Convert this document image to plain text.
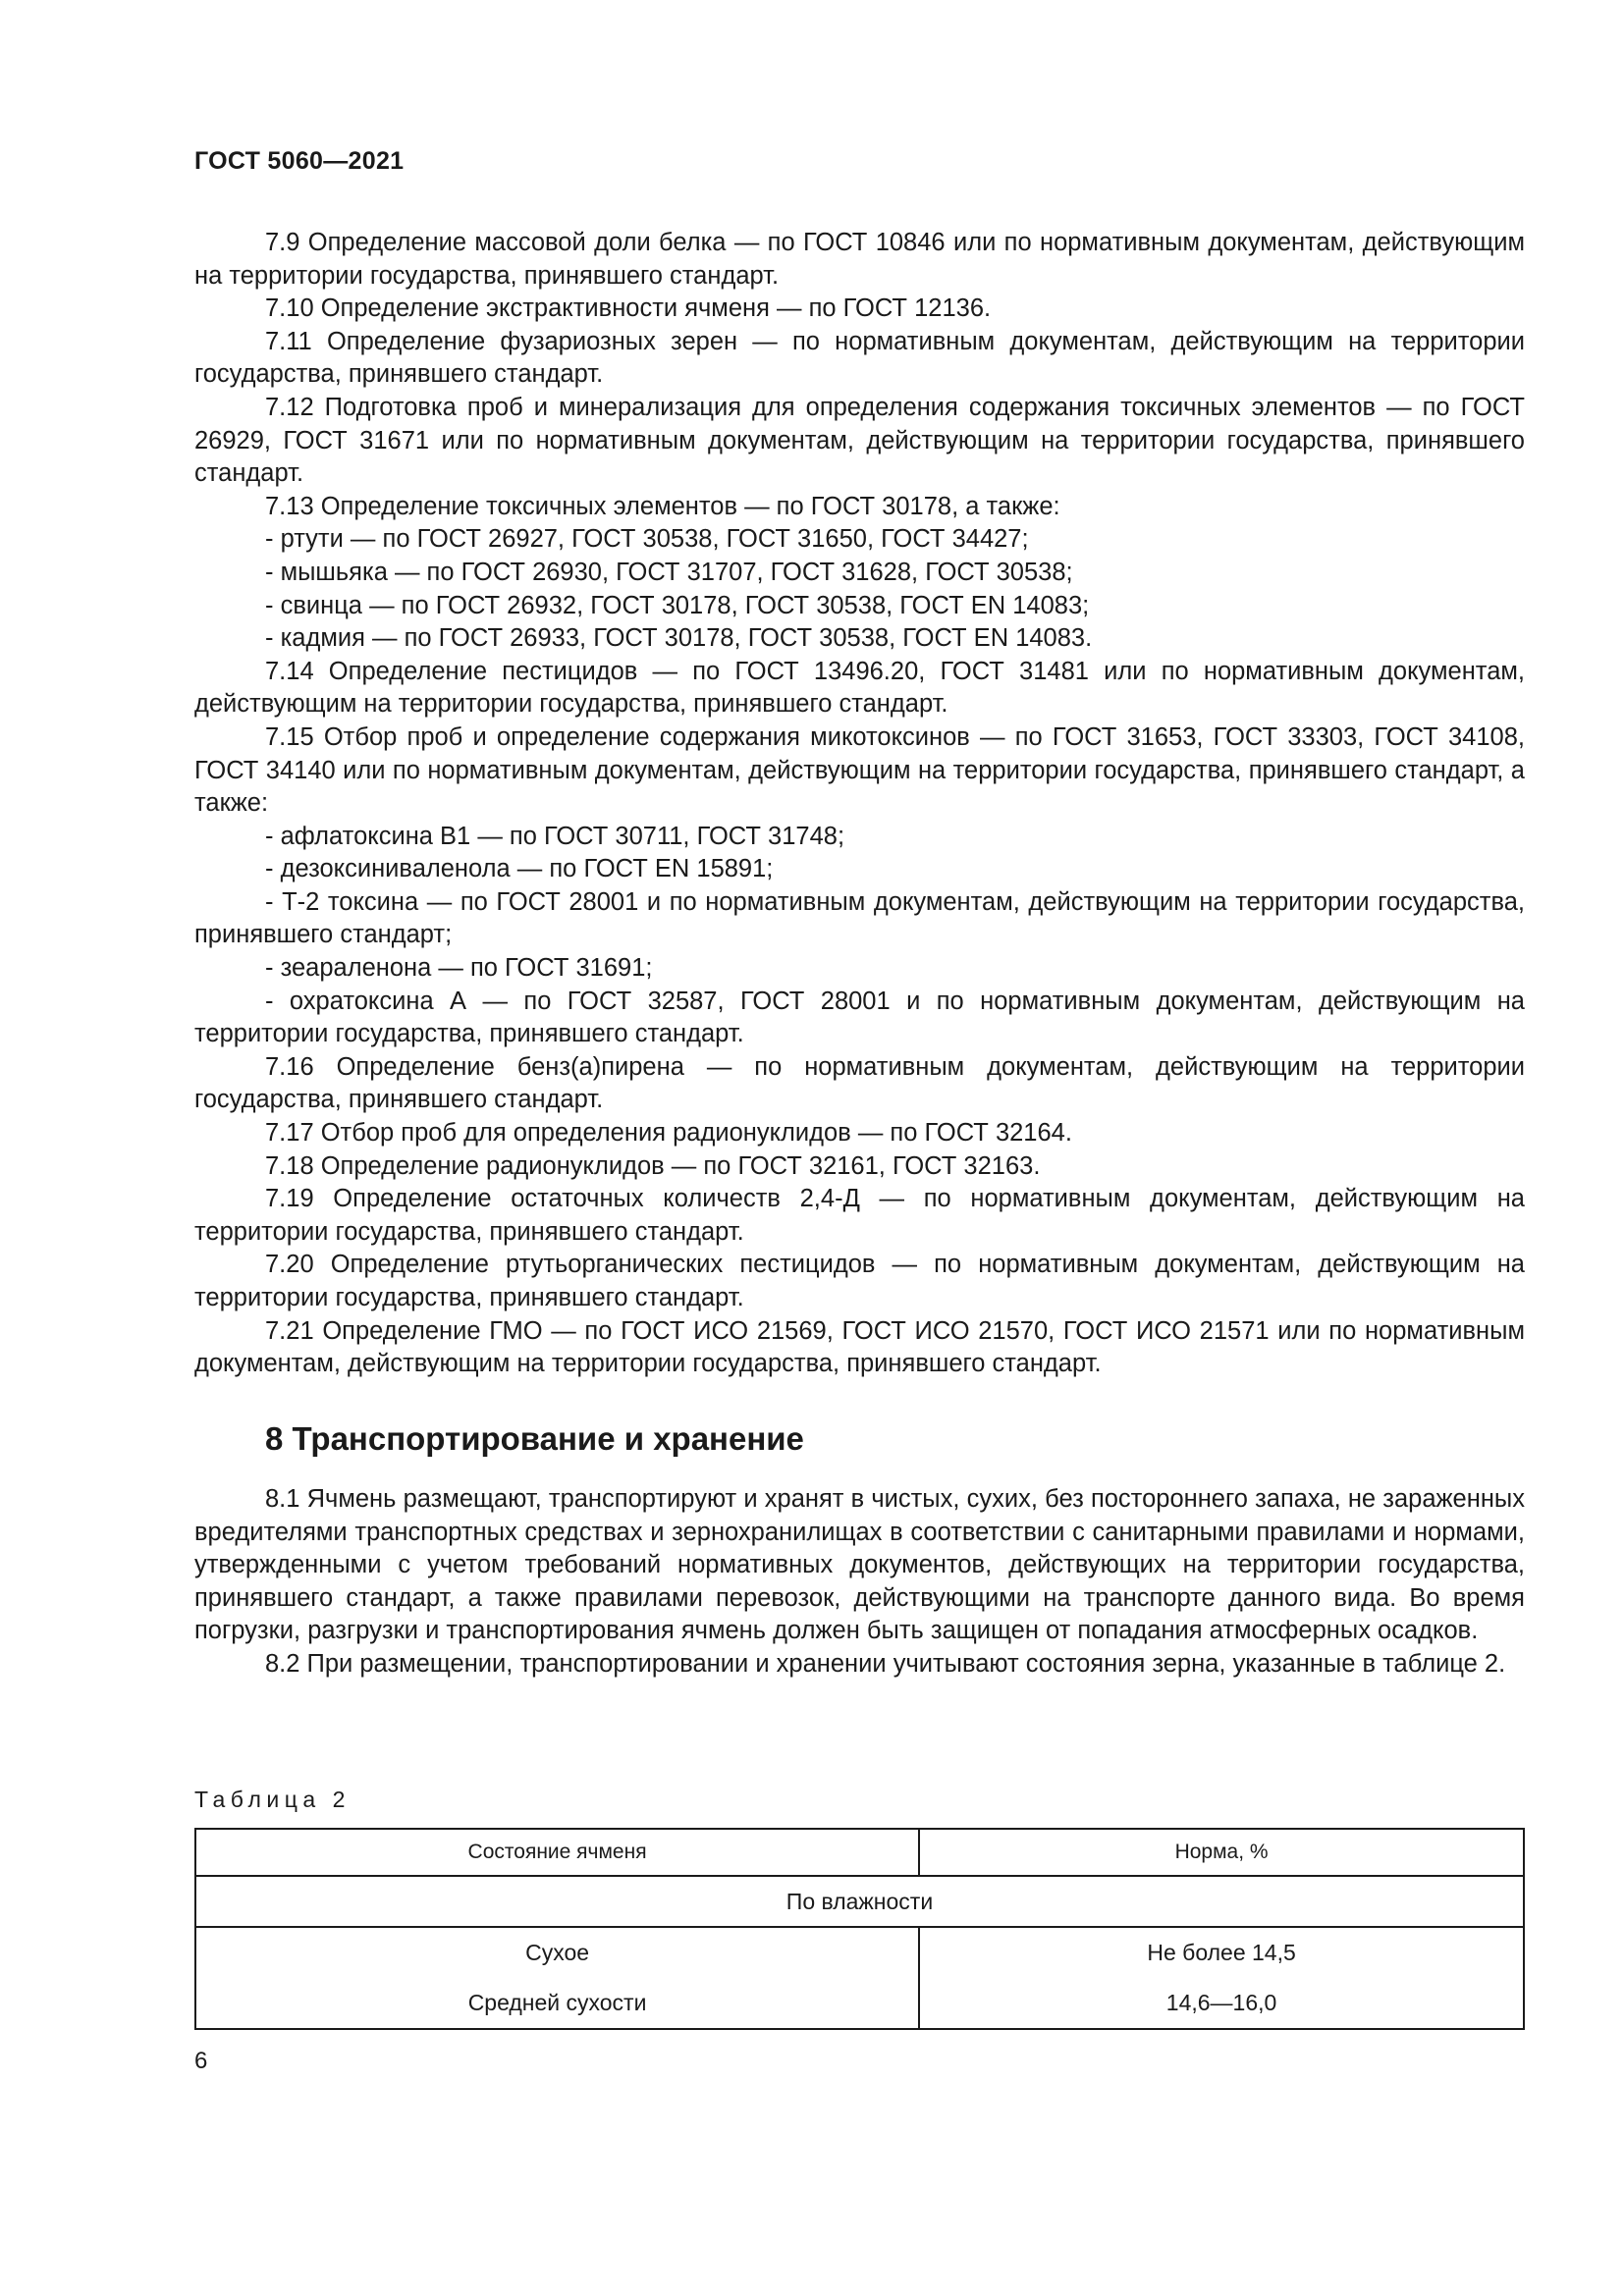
ГОСТ 5060—2021

7.9 Определение массовой доли белка — по ГОСТ 10846 или по нормативным документам, действующим на территории государства, принявшего стандарт.

7.10 Определение экстрактивности ячменя — по ГОСТ 12136.

7.11 Определение фузариозных зерен — по нормативным документам, действующим на территории государства, принявшего стандарт.

7.12 Подготовка проб и минерализация для определения содержания токсичных элементов — по ГОСТ 26929, ГОСТ 31671 или по нормативным документам, действующим на территории государства, принявшего стандарт.

7.13 Определение токсичных элементов — по ГОСТ 30178, а также:

- ртути — по ГОСТ 26927, ГОСТ 30538, ГОСТ 31650, ГОСТ 34427;

- мышьяка — по ГОСТ 26930, ГОСТ 31707, ГОСТ 31628, ГОСТ 30538;

- свинца — по ГОСТ 26932, ГОСТ 30178, ГОСТ 30538, ГОСТ EN 14083;

- кадмия — по ГОСТ 26933, ГОСТ 30178, ГОСТ 30538, ГОСТ EN 14083.

7.14 Определение пестицидов — по ГОСТ 13496.20, ГОСТ 31481 или по нормативным документам, действующим на территории государства, принявшего стандарт.

7.15 Отбор проб и определение содержания микотоксинов — по ГОСТ 31653, ГОСТ 33303, ГОСТ 34108, ГОСТ 34140 или по нормативным документам, действующим на территории государства, принявшего стандарт, а также:

- афлатоксина B1 — по ГОСТ 30711, ГОСТ 31748;

- дезоксиниваленола — по ГОСТ EN 15891;

- Т-2 токсина — по ГОСТ 28001 и по нормативным документам, действующим на территории государства, принявшего стандарт;

- зеараленона — по ГОСТ 31691;

- охратоксина А — по ГОСТ 32587, ГОСТ 28001 и по нормативным документам, действующим на территории государства, принявшего стандарт.

7.16 Определение бенз(а)пирена — по нормативным документам, действующим на территории государства, принявшего стандарт.

7.17 Отбор проб для определения радионуклидов — по ГОСТ 32164.

7.18 Определение радионуклидов — по ГОСТ 32161, ГОСТ 32163.

7.19 Определение остаточных количеств 2,4-Д — по нормативным документам, действующим на территории государства, принявшего стандарт.

7.20 Определение ртутьорганических пестицидов — по нормативным документам, действующим на территории государства, принявшего стандарт.

7.21 Определение ГМО — по ГОСТ ИСО 21569, ГОСТ ИСО 21570, ГОСТ ИСО 21571 или по нормативным документам, действующим на территории государства, принявшего стандарт.

8 Транспортирование и хранение

8.1 Ячмень размещают, транспортируют и хранят в чистых, сухих, без постороннего запаха, не зараженных вредителями транспортных средствах и зернохранилищах в соответствии с санитарными правилами и нормами, утвержденными с учетом требований нормативных документов, действующих на территории государства, принявшего стандарт, а также правилами перевозок, действующими на транспорте данного вида. Во время погрузки, разгрузки и транспортирования ячмень должен быть защищен от попадания атмосферных осадков.

8.2 При размещении, транспортировании и хранении учитывают состояния зерна, указанные в таблице 2.

Таблица 2
Состояние ячменя	Норма, %
По влажности	
Сухое	Не более 14,5
Средней сухости	14,6—16,0
6
